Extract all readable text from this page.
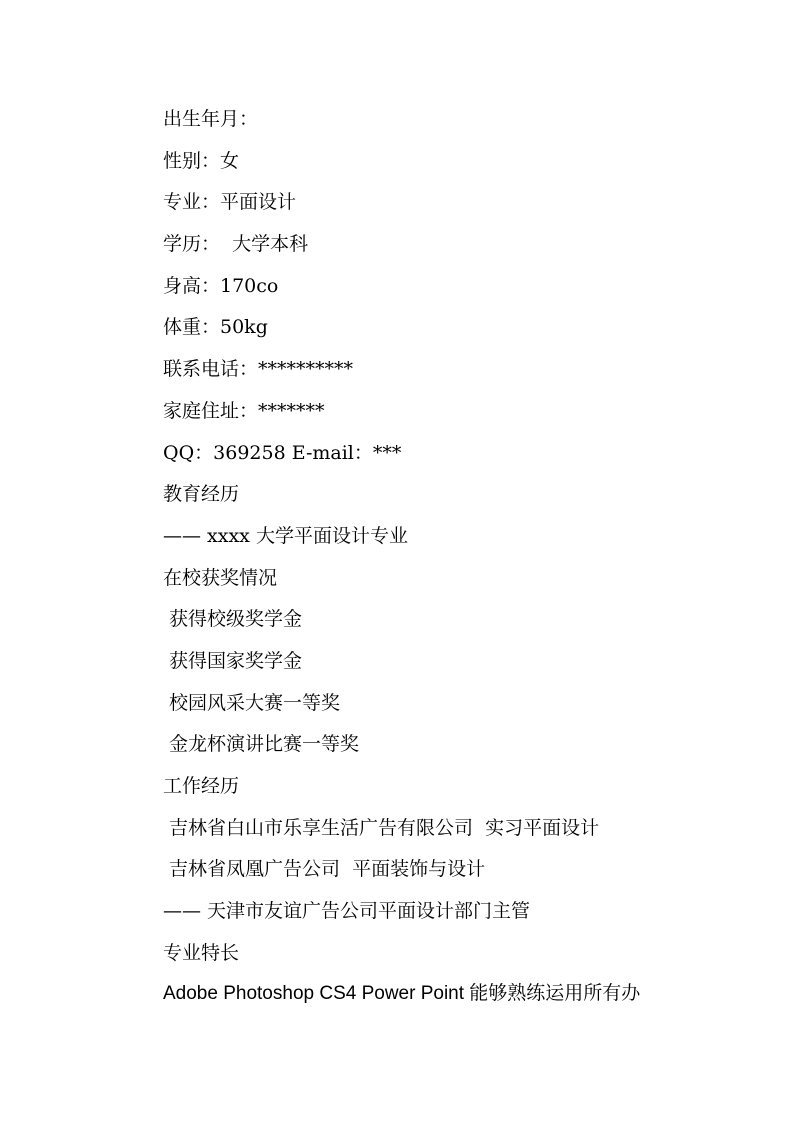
出生年月：
性别：女
专业：平面设计
学历：  大学本科
身高：170co
体重：50kg
联系电话：**********
家庭住址：*******
QQ：369258 E-mail：***
教育经历
—— xxxx 大学平面设计专业
在校获奖情况
获得校级奖学金
获得国家奖学金
校园风采大赛一等奖
金龙杯演讲比赛一等奖
工作经历
吉林省白山市乐享生活广告有限公司  实习平面设计
吉林省凤凰广告公司  平面装饰与设计
—— 天津市友谊广告公司平面设计部门主管
专业特长
Adobe Photoshop CS4 Power Point 能够熟练运用所有办
